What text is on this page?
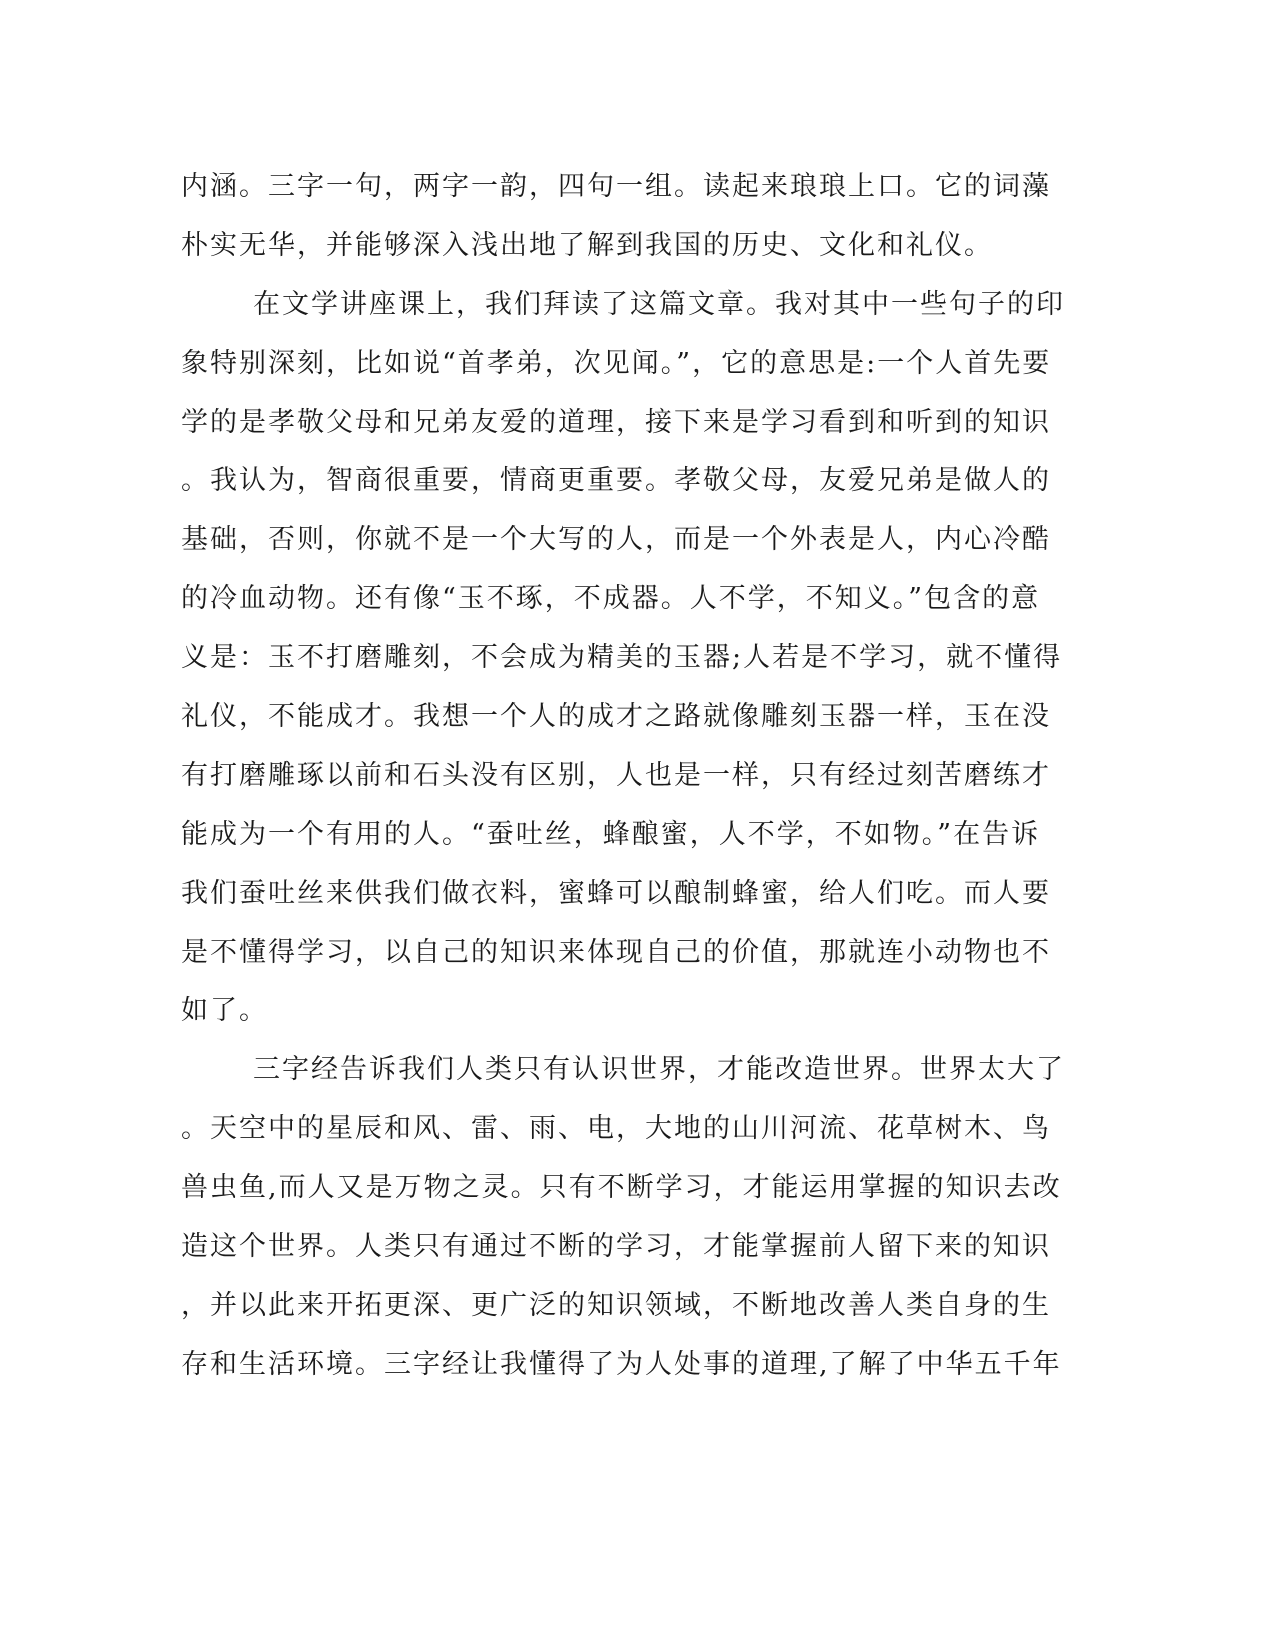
内涵。三字一句，两字一韵，四句一组。读起来琅琅上口。它的词藻
朴实无华，并能够深入浅出地了解到我国的历史、文化和礼仪。
在文学讲座课上，我们拜读了这篇文章。我对其中一些句子的印
象特别深刻，比如说“首孝弟，次见闻。”，它的意思是:一个人首先要
学的是孝敬父母和兄弟友爱的道理，接下来是学习看到和听到的知识
。我认为，智商很重要，情商更重要。孝敬父母，友爱兄弟是做人的
基础，否则，你就不是一个大写的人，而是一个外表是人，内心冷酷
的冷血动物。还有像“玉不琢，不成器。人不学，不知义。”包含的意
义是：玉不打磨雕刻，不会成为精美的玉器;人若是不学习，就不懂得
礼仪，不能成才。我想一个人的成才之路就像雕刻玉器一样，玉在没
有打磨雕琢以前和石头没有区别，人也是一样，只有经过刻苦磨练才
能成为一个有用的人。“蚕吐丝，蜂酿蜜，人不学，不如物。”在告诉
我们蚕吐丝来供我们做衣料，蜜蜂可以酿制蜂蜜，给人们吃。而人要
是不懂得学习，以自己的知识来体现自己的价值，那就连小动物也不
如了。
三字经告诉我们人类只有认识世界，才能改造世界。世界太大了
。天空中的星辰和风、雷、雨、电，大地的山川河流、花草树木、鸟
兽虫鱼,而人又是万物之灵。只有不断学习，才能运用掌握的知识去改
造这个世界。人类只有通过不断的学习，才能掌握前人留下来的知识
，并以此来开拓更深、更广泛的知识领域，不断地改善人类自身的生
存和生活环境。三字经让我懂得了为人处事的道理,了解了中华五千年
